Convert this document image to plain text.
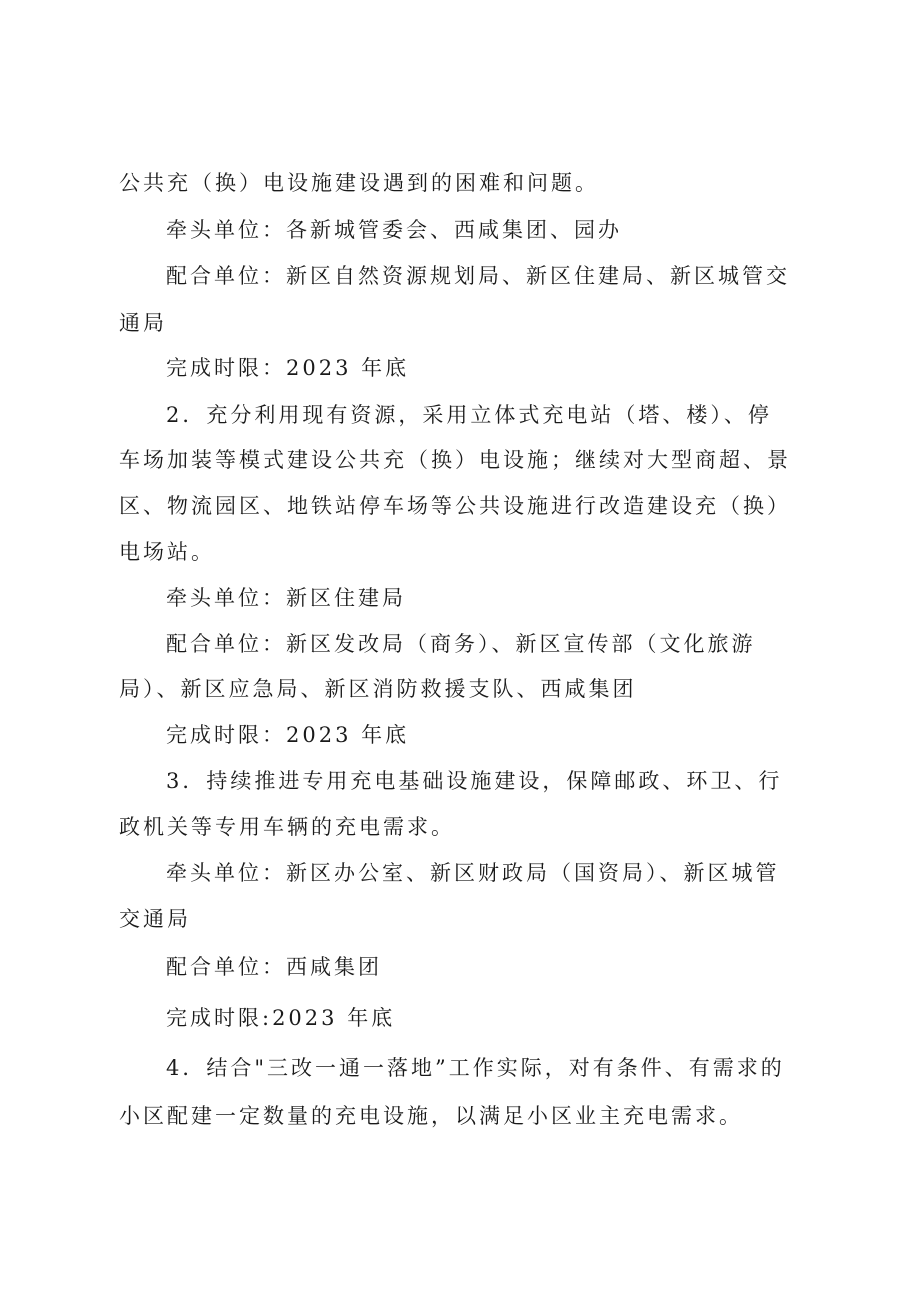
公共充（换）电设施建设遇到的困难和问题。
牵头单位：各新城管委会、西咸集团、园办
配合单位：新区自然资源规划局、新区住建局、新区城管交
通局
完成时限：2023 年底
2．充分利用现有资源，采用立体式充电站（塔、楼）、停
车场加装等模式建设公共充（换）电设施；继续对大型商超、景
区、物流园区、地铁站停车场等公共设施进行改造建设充（换）
电场站。
牵头单位：新区住建局
配合单位：新区发改局（商务）、新区宣传部（文化旅游
局）、新区应急局、新区消防救援支队、西咸集团
完成时限：2023 年底
3．持续推进专用充电基础设施建设，保障邮政、环卫、行
政机关等专用车辆的充电需求。
牵头单位：新区办公室、新区财政局（国资局）、新区城管
交通局
配合单位：西咸集团
完成时限:2023 年底
4．结合"三改一通一落地”工作实际，对有条件、有需求的
小区配建一定数量的充电设施，以满足小区业主充电需求。
